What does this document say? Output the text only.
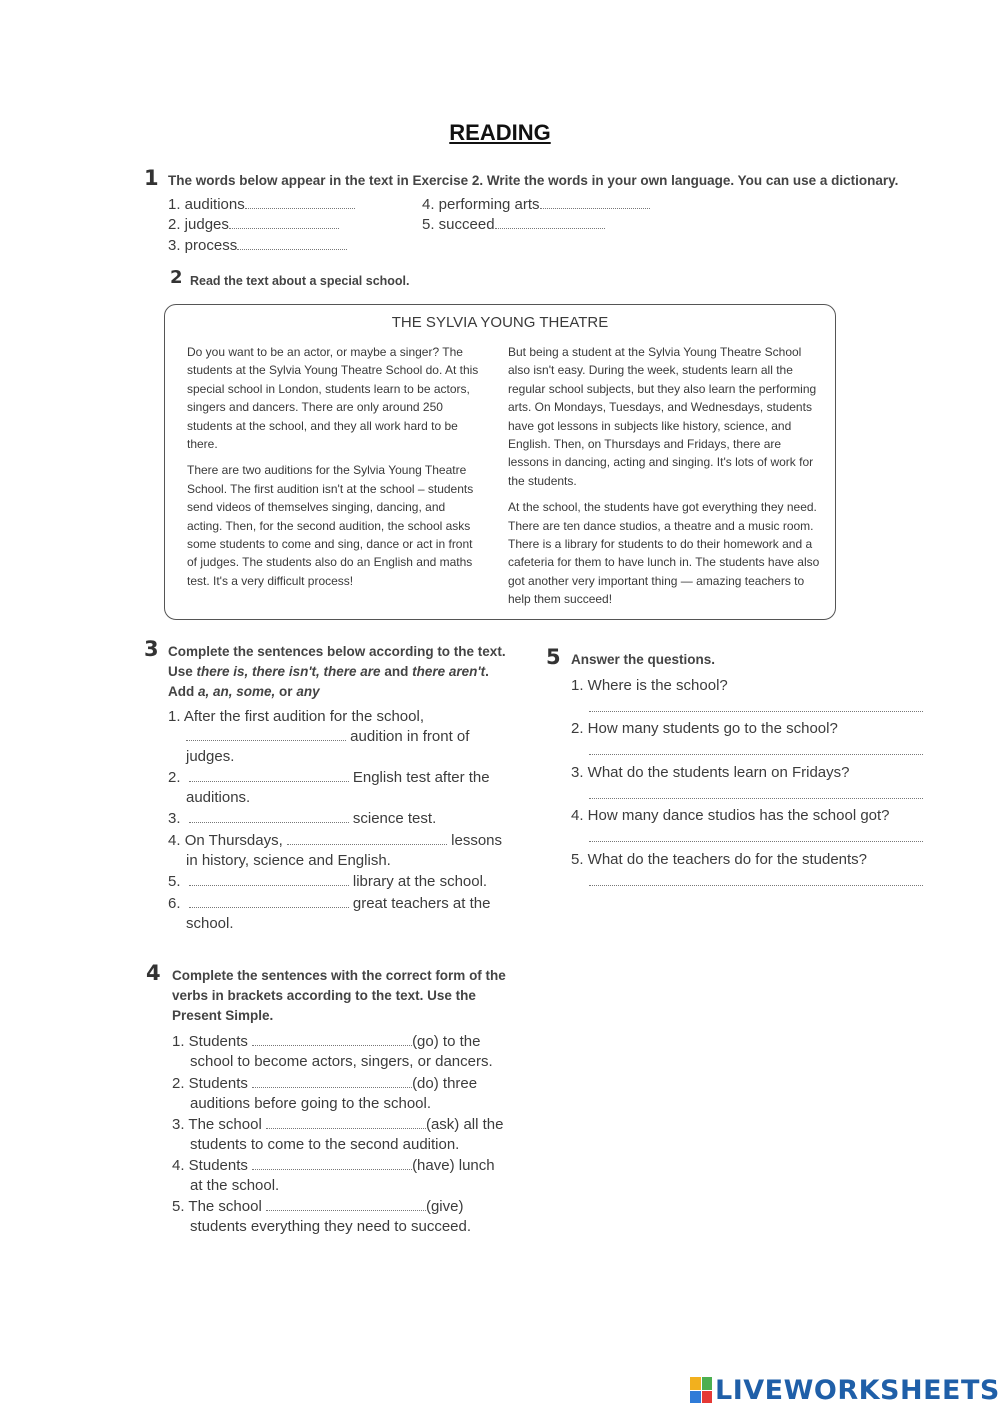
READING
1 The words below appear in the text in Exercise 2. Write the words in your own language. You can use a dictionary.
1. auditions
2. judges
3. process
4. performing arts
5. succeed
2 Read the text about a special school.
THE SYLVIA YOUNG THEATRE

Do you want to be an actor, or maybe a singer? The students at the Sylvia Young Theatre School do. At this special school in London, students learn to be actors, singers and dancers. There are only around 250 students at the school, and they all work hard to be there.

There are two auditions for the Sylvia Young Theatre School. The first audition isn't at the school – students send videos of themselves singing, dancing, and acting. Then, for the second audition, the school asks some students to come and sing, dance or act in front of judges. The students also do an English and maths test. It's a very difficult process!

But being a student at the Sylvia Young Theatre School also isn't easy. During the week, students learn all the regular school subjects, but they also learn the performing arts. On Mondays, Tuesdays, and Wednesdays, students have got lessons in subjects like history, science, and English. Then, on Thursdays and Fridays, there are lessons in dancing, acting and singing. It's lots of work for the students.

At the school, the students have got everything they need. There are ten dance studios, a theatre and a music room. There is a library for students to do their homework and a cafeteria for them to have lunch in. The students have also got another very important thing — amazing teachers to help them succeed!

3 Complete the sentences below according to the text.
Use there is, there isn't, there are and there aren't.
Add a, an, some, or any
1. After the first audition for the school,
audition in front of
judges.
2.	English test after the
auditions.
3.	science test.
4. On Thursdays,	lessons
in history, science and English.
5.	library at the school.
6.	great teachers at the
school.
4 Complete the sentences with the correct form of the
verbs in brackets according to the text. Use the
Present Simple.
1. Students	(go) to the
school to become actors, singers, or dancers.
2. Students	(do) three
auditions before going to the school.
3. The school	(ask) all the
students to come to the second audition.
4. Students	(have) lunch
at the school.
5. The school	(give)
students everything they need to succeed.
5 Answer the questions.
1. Where is the school?
2. How many students go to the school?
3. What do the students learn on Fridays?
4. How many dance studios has the school got?
5. What do the teachers do for the students?
LIVEWORKSHEETS
